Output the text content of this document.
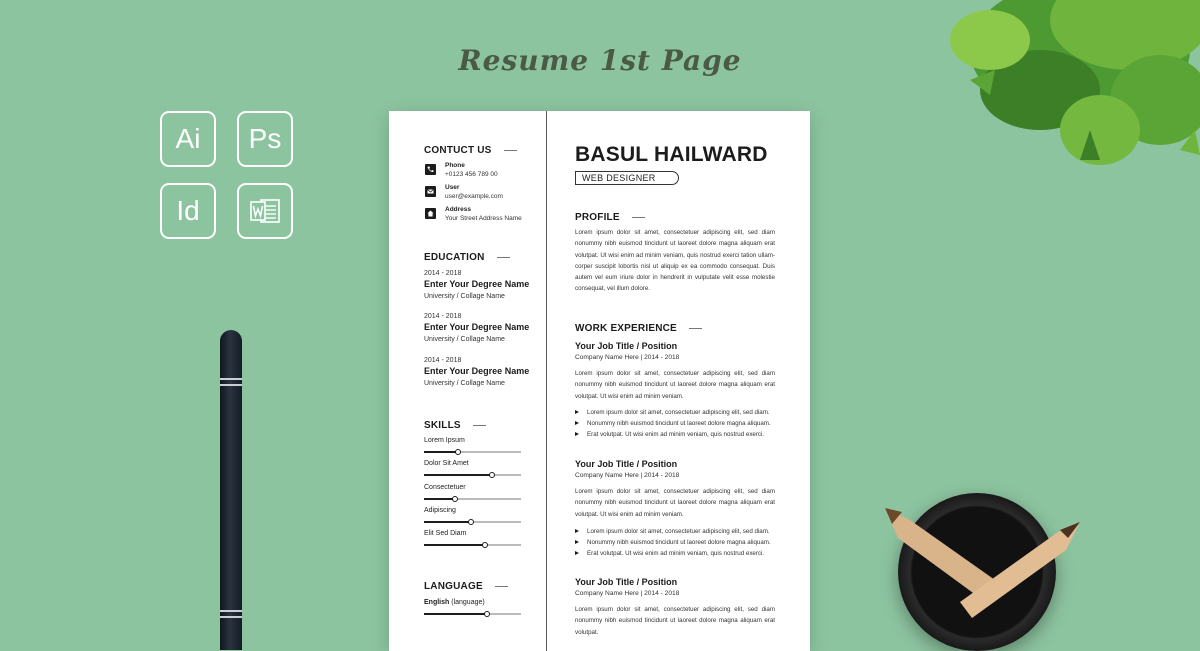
Resume 1st Page
Ai	Ps
Id
CONTUCT US
Phone
+0123 456 789 00
User
user@example.com
Address
Your Street Address Name
EDUCATION
2014 - 2018
Enter Your Degree Name
University / Collage Name
2014 - 2018
Enter Your Degree Name
University / Collage Name
2014 - 2018
Enter Your Degree Name
University / Collage Name
SKILLS
Lorem Ipsum
Dolor Sit Amet
Consectetuer
Adipiscing
Elit Sed Diam
LANGUAGE
English (language)
BASUL HAILWARD
WEB DESIGNER
PROFILE
Lorem ipsum dolor sit amet, consectetuer adipiscing elit, sed diam nonummy nibh euismod tincidunt ut laoreet dolore magna aliquam erat volutpat. Ut wisi enim ad minim veniam, quis nostrud exerci tation ullam-corper suscipit lobortis nisl ut aliquip ex ea commodo consequat. Duis autem vel eum iriure dolor in hendrerit in vulputate velit esse molestie consequat, vel illum dolore.
WORK EXPERIENCE
Your Job Title / Position
Company Name Here | 2014 - 2018
Lorem ipsum dolor sit amet, consectetuer adipiscing elit, sed diam nonummy nibh euismod tincidunt ut laoreet dolore magna aliquam erat volutpat. Ut wisi enim ad minim veniam.
Lorem ipsum dolor sit amet, consectetuer adipiscing elit, sed diam.
Nonummy nibh euismod tincidunt ut laoreet dolore magna aliquam.
Erat volutpat. Ut wisi enim ad minim veniam, quis nostrud exerci.
Your Job Title / Position
Company Name Here | 2014 - 2018
Lorem ipsum dolor sit amet, consectetuer adipiscing elit, sed diam nonummy nibh euismod tincidunt ut laoreet dolore magna aliquam erat volutpat. Ut wisi enim ad minim veniam.
Lorem ipsum dolor sit amet, consectetuer adipiscing elit, sed diam.
Nonummy nibh euismod tincidunt ut laoreet dolore magna aliquam.
Erat volutpat. Ut wisi enim ad minim veniam, quis nostrud exerci.
Your Job Title / Position
Company Name Here | 2014 - 2018
Lorem ipsum dolor sit amet, consectetuer adipiscing elit, sed diam nonummy nibh euismod tincidunt ut laoreet dolore magna aliquam erat volutpat.
